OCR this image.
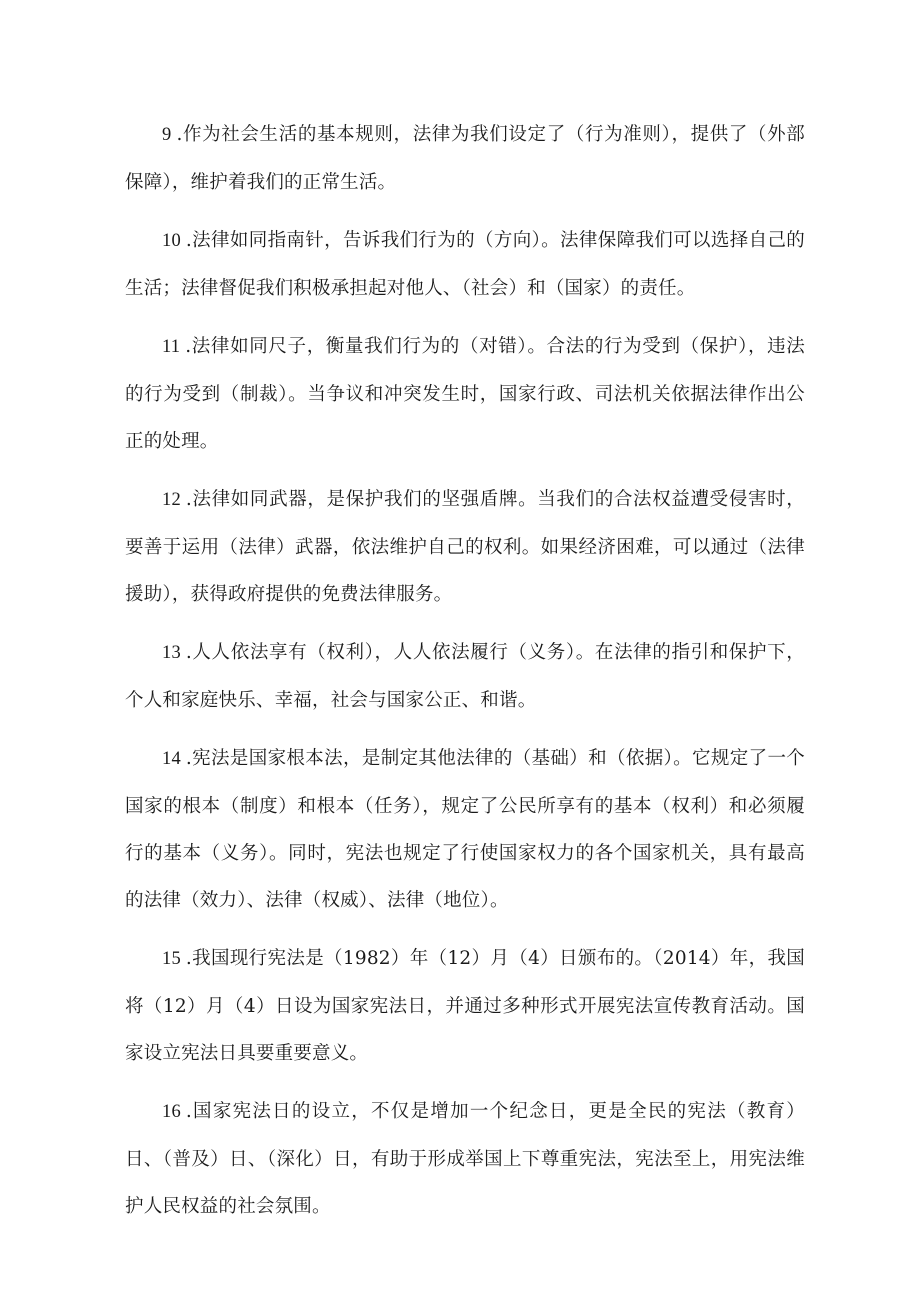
9 .作为社会生活的基本规则，法律为我们设定了（行为准则），提供了（外部保障），维护着我们的正常生活。

10 .法律如同指南针，告诉我们行为的（方向）。法律保障我们可以选择自己的生活；法律督促我们积极承担起对他人、（社会）和（国家）的责任。

11 .法律如同尺子，衡量我们行为的（对错）。合法的行为受到（保护），违法的行为受到（制裁）。当争议和冲突发生时，国家行政、司法机关依据法律作出公正的处理。

12 .法律如同武器，是保护我们的坚强盾牌。当我们的合法权益遭受侵害时，要善于运用（法律）武器，依法维护自己的权利。如果经济困难，可以通过（法律援助），获得政府提供的免费法律服务。

13 .人人依法享有（权利），人人依法履行（义务）。在法律的指引和保护下，个人和家庭快乐、幸福，社会与国家公正、和谐。

14 .宪法是国家根本法，是制定其他法律的（基础）和（依据）。它规定了一个国家的根本（制度）和根本（任务），规定了公民所享有的基本（权利）和必须履行的基本（义务）。同时，宪法也规定了行使国家权力的各个国家机关，具有最高的法律（效力）、法律（权威）、法律（地位）。

15 .我国现行宪法是（1982）年（12）月（4）日颁布的。（2014）年，我国将（12）月（4）日设为国家宪法日，并通过多种形式开展宪法宣传教育活动。国家设立宪法日具要重要意义。

16 .国家宪法日的设立，不仅是增加一个纪念日，更是全民的宪法（教育）日、（普及）日、（深化）日，有助于形成举国上下尊重宪法，宪法至上，用宪法维护人民权益的社会氛围。
